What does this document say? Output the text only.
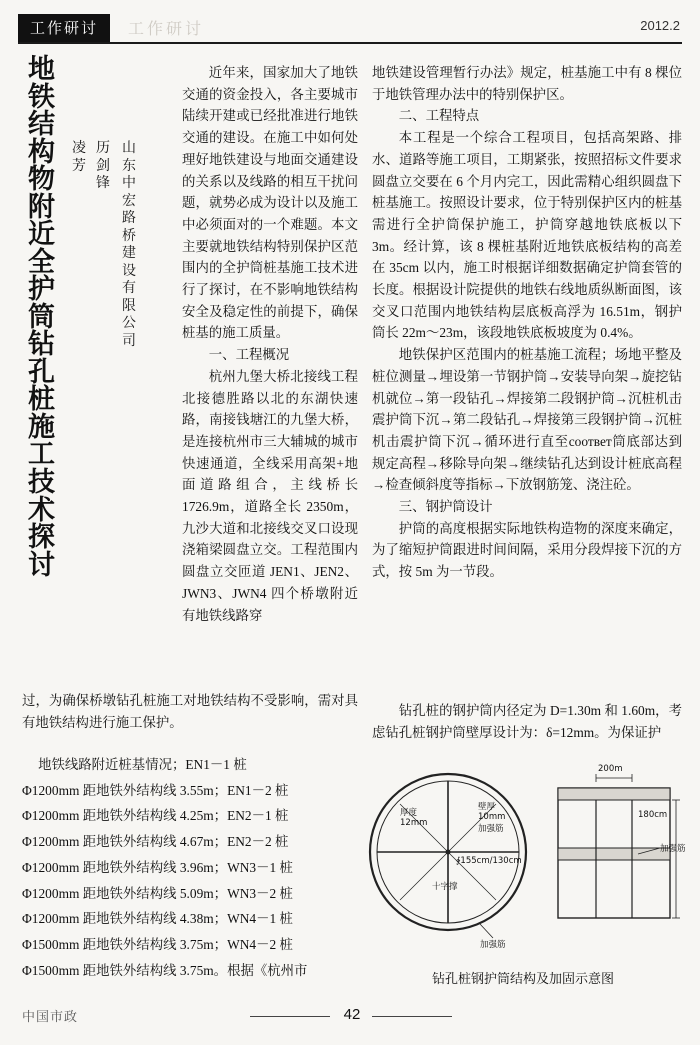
工作研讨
工作研讨	2012.2
地铁结构物附近全护筒钻孔桩施工技术探讨
山东中宏路桥建设有限公司
历剑锋
凌芳

近年来，国家加大了地铁交通的资金投入，各主要城市陆续开建或已经批准进行地铁交通的建设。在施工中如何处理好地铁建设与地面交通建设的关系以及线路的相互干扰问题，就势必成为设计以及施工中必须面对的一个难题。本文主要就地铁结构特别保护区范围内的全护筒桩基施工技术进行了探讨，在不影响地铁结构安全及稳定性的前提下，确保桩基的施工质量。

一、工程概况

杭州九堡大桥北接线工程北接德胜路以北的东湖快速路，南接钱塘江的九堡大桥，是连接杭州市三大辅城的城市快速通道，全线采用高架+地面道路组合，主线桥长 1726.9m，道路全长 2350m，九沙大道和北接线交叉口设现浇箱梁圆盘立交。工程范围内圆盘立交匝道 JEN1、JEN2、JWN3、JWN4 四个桥墩附近有地铁线路穿

地铁建设管理暂行办法》规定，桩基施工中有 8 棵位于地铁管理办法中的特别保护区。

二、工程特点

本工程是一个综合工程项目，包括高架路、排水、道路等施工项目，工期紧张，按照招标文件要求圆盘立交要在 6 个月内完工，因此需精心组织圆盘下桩基施工。按照设计要求，位于特别保护区内的桩基需进行全护筒保护施工，护筒穿越地铁底板以下 3m。经计算，该 8 棵桩基附近地铁底板结构的高差在 35cm 以内，施工时根据详细数据确定护筒套管的长度。根据设计院提供的地铁右线地质纵断面图，该交叉口范围内地铁结构层底板高浮为 16.51m，钢护筒长 22m～23m，该段地铁底板坡度为 0.4%。

地铁保护区范围内的桩基施工流程；场地平整及桩位测量→埋设第一节钢护筒→安装导向架→旋挖钻机就位→第一段钻孔→焊接第二段钢护筒→沉桩机击震护筒下沉→第二段钻孔→焊接第三段钢护筒→沉桩机击震护筒下沉→循环进行直至соответ筒底部达到规定高程→移除导向架→继续钻孔达到设计桩底高程→检查倾斜度等指标→下放钢筋笼、浇注砼。

三、钢护筒设计

护筒的高度根据实际地铁构造物的深度来确定，为了缩短护筒跟进时间间隔，采用分段焊接下沉的方式，按 5m 为一节段。

过，为确保桥墩钻孔桩施工对地铁结构不受影响，需对具有地铁结构进行施工保护。

地铁线路附近桩基情况；EN1－1 桩
Φ1200mm 距地铁外结构线 3.55m；EN1－2 桩
Φ1200mm 距地铁外结构线 4.25m；EN2－1 桩
Φ1200mm 距地铁外结构线 4.67m；EN2－2 桩
Φ1200mm 距地铁外结构线 3.96m；WN3－1 桩
Φ1200mm 距地铁外结构线 5.09m；WN3－2 桩
Φ1200mm 距地铁外结构线 4.38m；WN4－1 桩
Φ1500mm 距地铁外结构线 3.75m；WN4－2 桩
Φ1500mm 距地铁外结构线 3.75m。根据《杭州市

钻孔桩的钢护筒内径定为 D=1.30m 和 1.60m，考虑钻孔桩钢护筒壁厚设计为：δ=12mm。为保证护

厚度
12mm
壁厚
10mm
加强筋
∲155cm/130cm
十字撑
加强筋
200m
180cm
加强筋
钻孔桩钢护筒结构及加固示意图
中国市政	42
